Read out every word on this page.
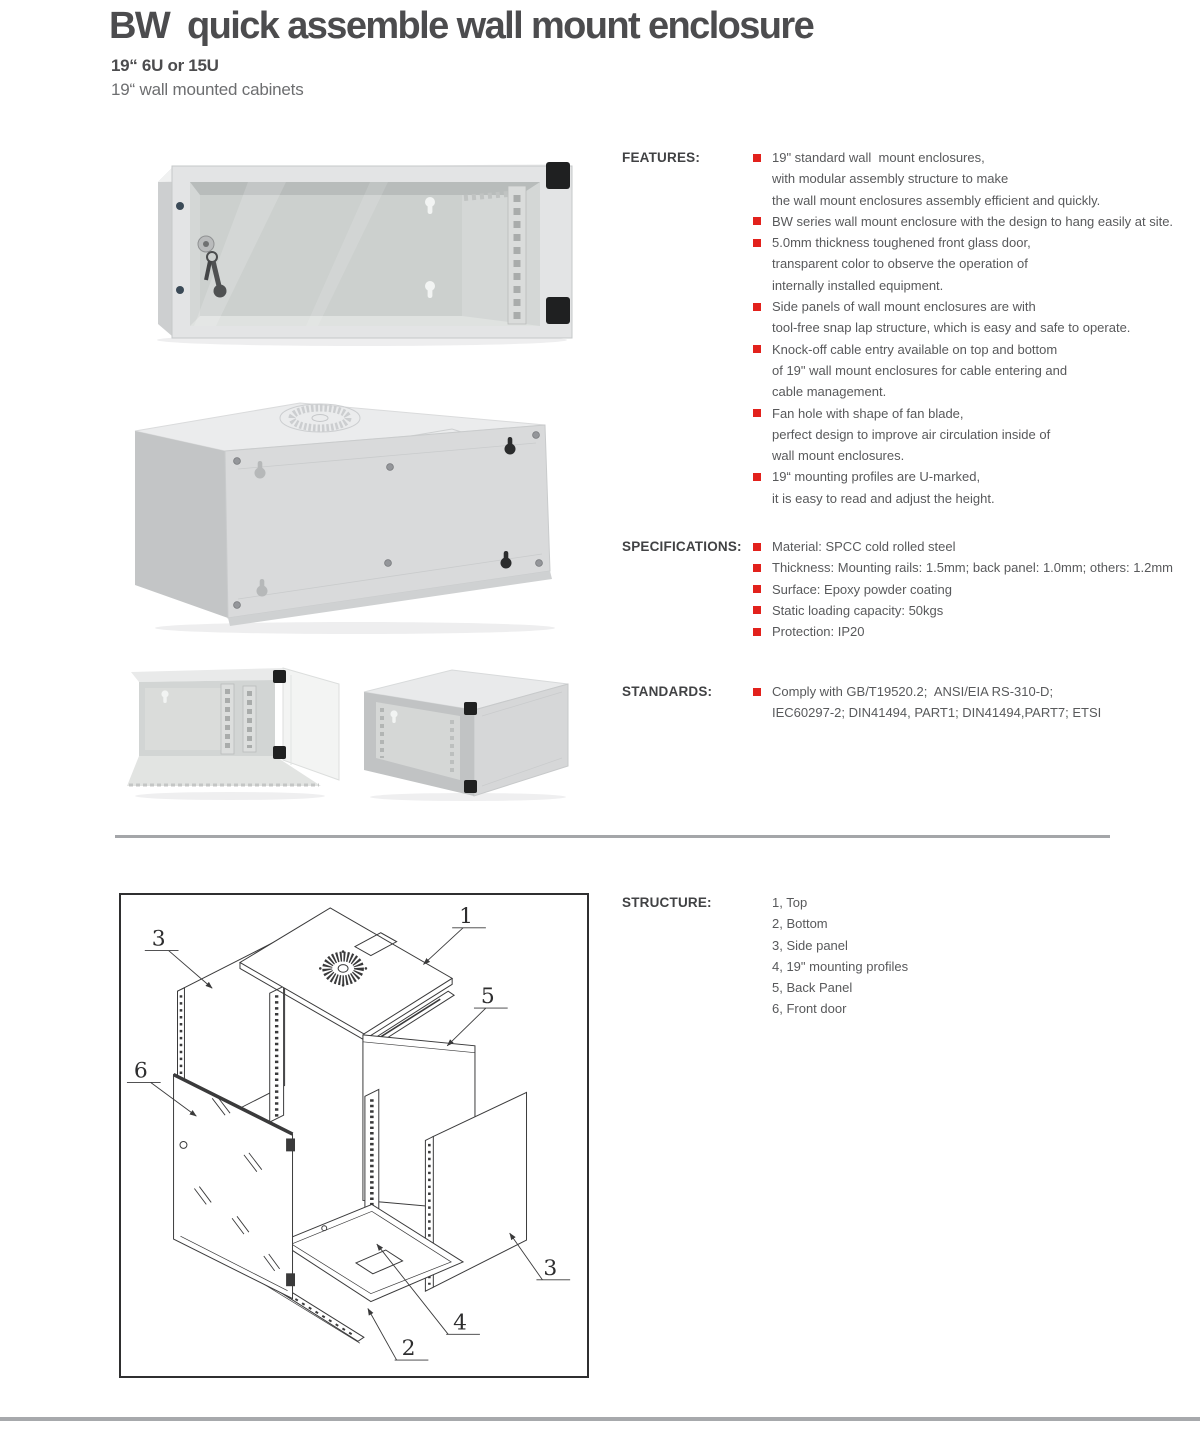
BW  quick assemble wall mount enclosure
19“ 6U or 15U
19“ wall mounted cabinets
FEATURES:	19" standard wall  mount enclosures,
with modular assembly structure to make
the wall mount enclosures assembly efficient and quickly.
BW series wall mount enclosure with the design to hang easily at site.
5.0mm thickness toughened front glass door,
transparent color to observe the operation of
internally installed equipment.
Side panels of wall mount enclosures are with
tool-free snap lap structure, which is easy and safe to operate.
Knock-off cable entry available on top and bottom
of 19" wall mount enclosures for cable entering and
cable management.
Fan hole with shape of fan blade,
perfect design to improve air circulation inside of
wall mount enclosures.
19“ mounting profiles are U-marked,
it is easy to read and adjust the height.
SPECIFICATIONS: Material: SPCC cold rolled steel
Thickness: Mounting rails: 1.5mm; back panel: 1.0mm; others: 1.2mm
Surface: Epoxy powder coating
Static loading capacity: 50kgs
Protection: IP20
STANDARDS:	Comply with GB/T19520.2;  ANSI/EIA RS-310-D;
IEC60297-2; DIN41494, PART1; DIN41494,PART7; ETSI
STRUCTURE:	1, Top
2, Bottom
3, Side panel
4, 19" mounting profiles
5, Back Panel
6, Front door
1
3
5
6
3
4
2
